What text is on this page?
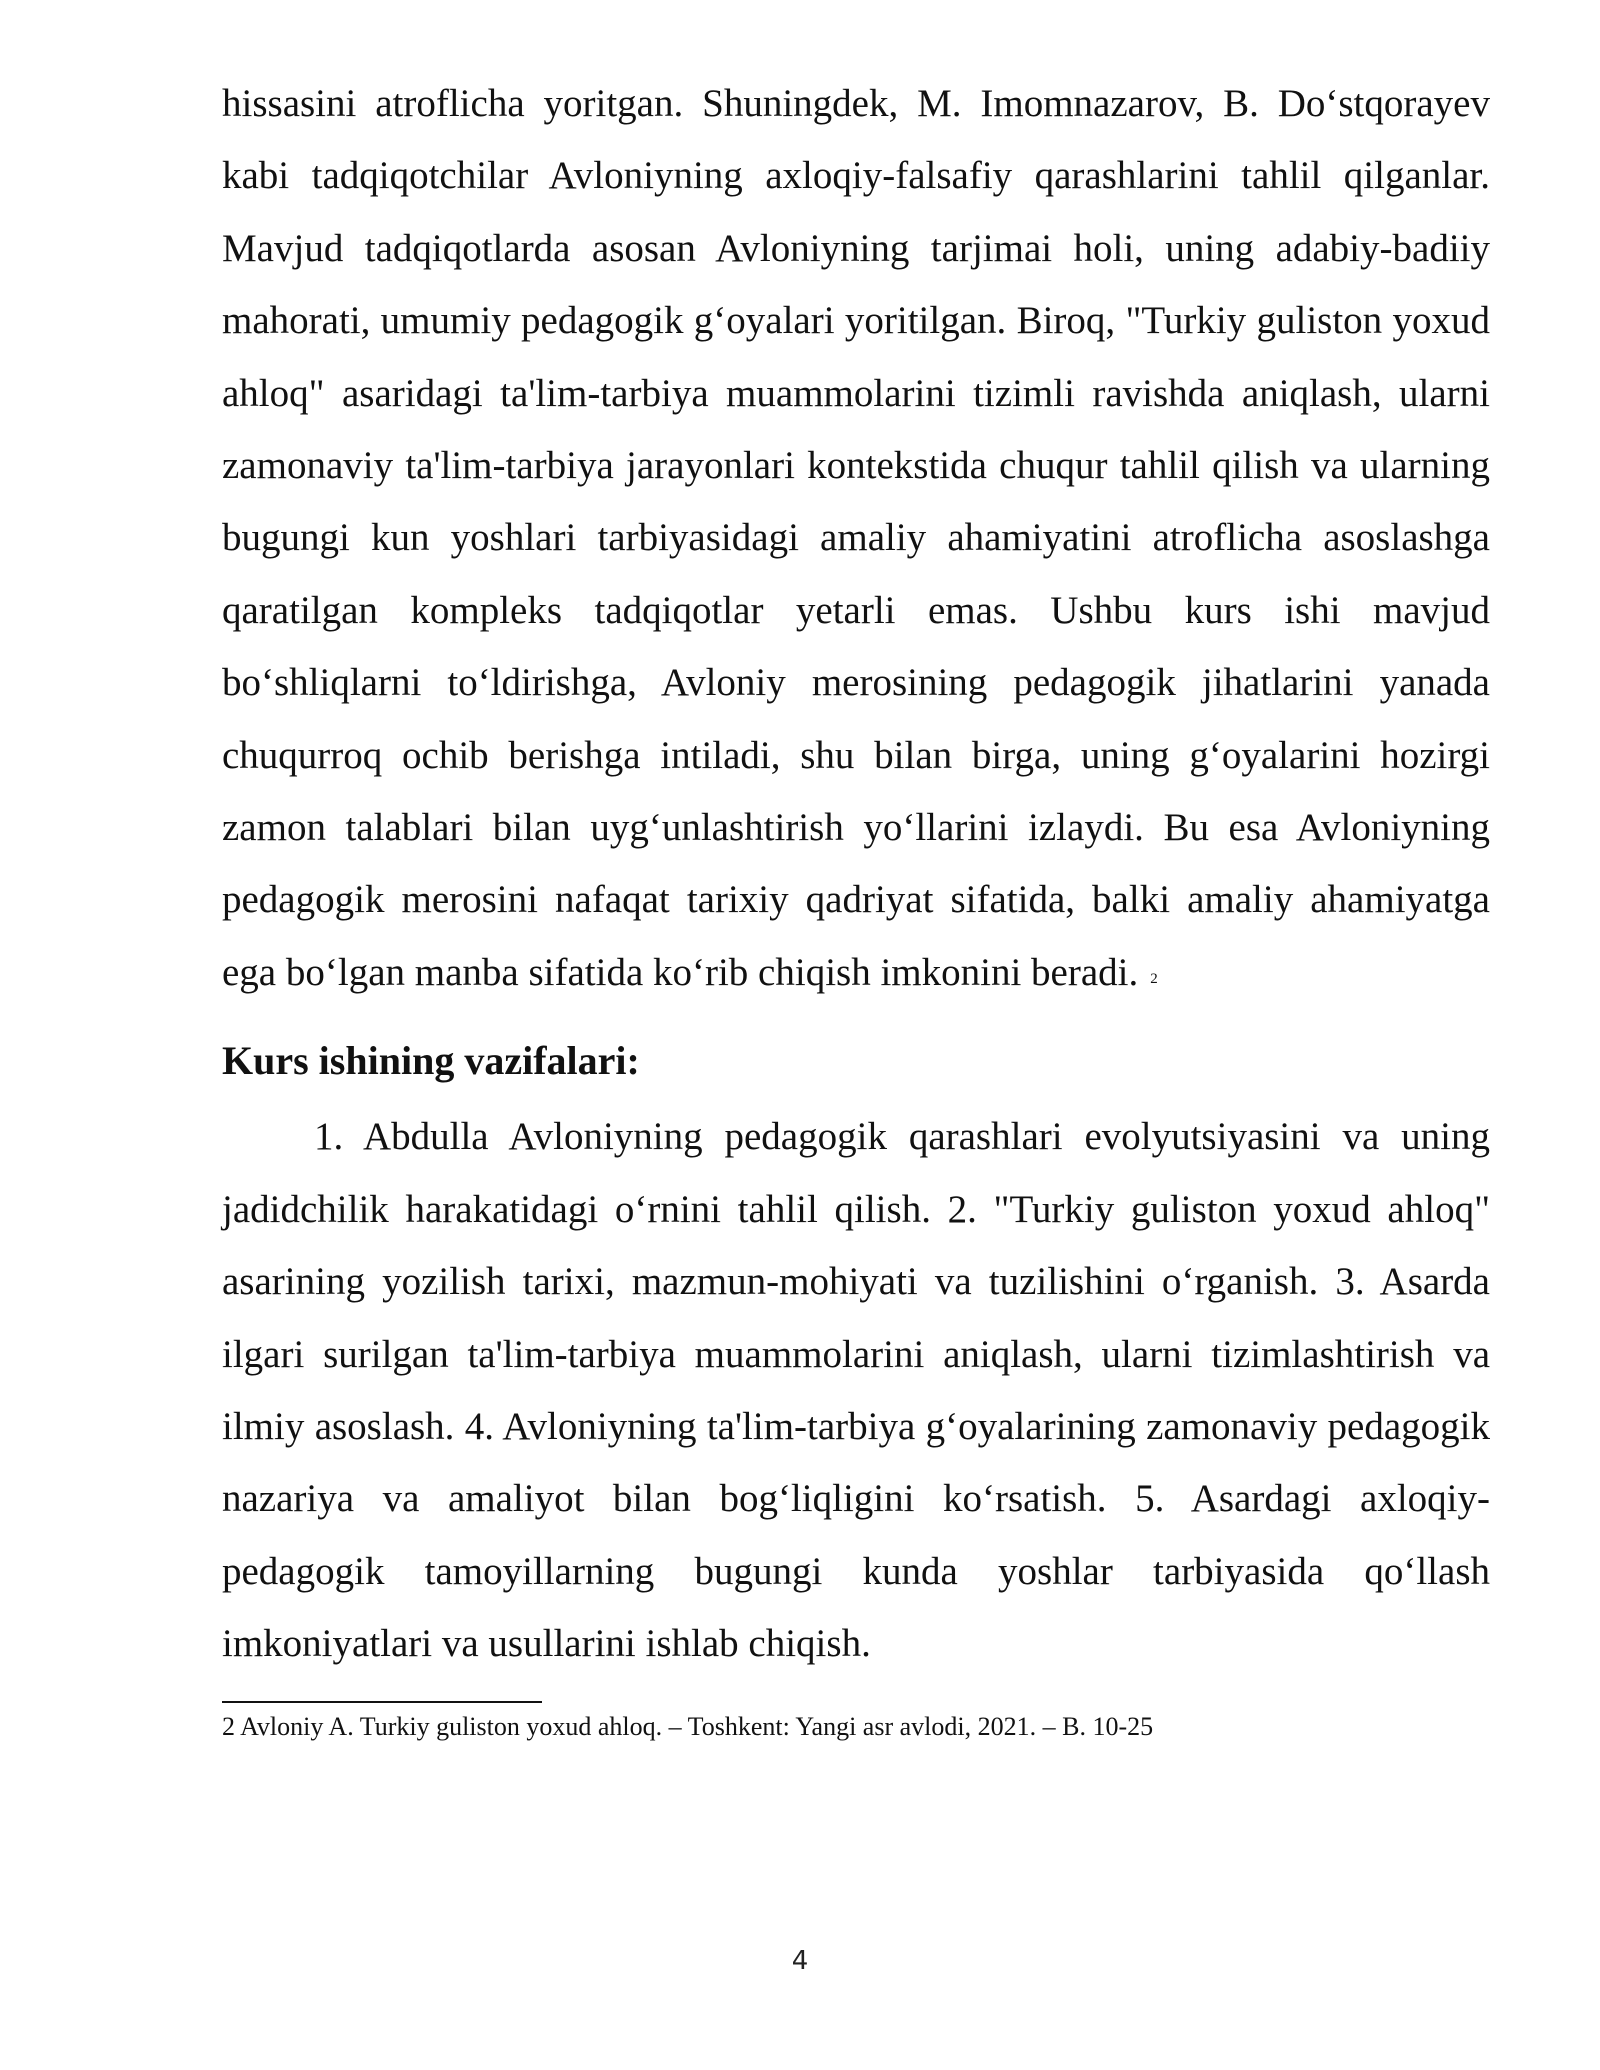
hissasini atroflicha yoritgan. Shuningdek, M. Imomnazarov, B. Do‘stqorayev kabi tadqiqotchilar Avloniyning axloqiy-falsafiy qarashlarini tahlil qilganlar. Mavjud tadqiqotlarda asosan Avloniyning tarjimai holi, uning adabiy-badiiy mahorati, umumiy pedagogik g‘oyalari yoritilgan. Biroq, "Turkiy guliston yoxud ahloq" asaridagi ta'lim-tarbiya muammolarini tizimli ravishda aniqlash, ularni zamonaviy ta'lim-tarbiya jarayonlari kontekstida chuqur tahlil qilish va ularning bugungi kun yoshlari tarbiyasidagi amaliy ahamiyatini atroflicha asoslashga qaratilgan kompleks tadqiqotlar yetarli emas. Ushbu kurs ishi mavjud bo‘shliqlarni to‘ldirishga, Avloniy merosining pedagogik jihatlarini yanada chuqurroq ochib berishga intiladi, shu bilan birga, uning g‘oyalarini hozirgi zamon talablari bilan uyg‘unlashtirish yo‘llarini izlaydi. Bu esa Avloniyning pedagogik merosini nafaqat tarixiy qadriyat sifatida, balki amaliy ahamiyatga ega bo‘lgan manba sifatida ko‘rib chiqish imkonini beradi. 2

Kurs ishining vazifalari:

1. Abdulla Avloniyning pedagogik qarashlari evolyutsiyasini va uning jadidchilik harakatidagi o‘rnini tahlil qilish. 2. "Turkiy guliston yoxud ahloq" asarining yozilish tarixi, mazmun-mohiyati va tuzilishini o‘rganish. 3. Asarda ilgari surilgan ta'lim-tarbiya muammolarini aniqlash, ularni tizimlashtirish va ilmiy asoslash. 4. Avloniyning ta'lim-tarbiya g‘oyalarining zamonaviy pedagogik nazariya va amaliyot bilan bog‘liqligini ko‘rsatish. 5. Asardagi axloqiy-pedagogik tamoyillarning bugungi kunda yoshlar tarbiyasida qo‘llash imkoniyatlari va usullarini ishlab chiqish.

2 Avloniy A. Turkiy guliston yoxud ahloq. – Toshkent: Yangi asr avlodi, 2021. – B. 10-25

4
